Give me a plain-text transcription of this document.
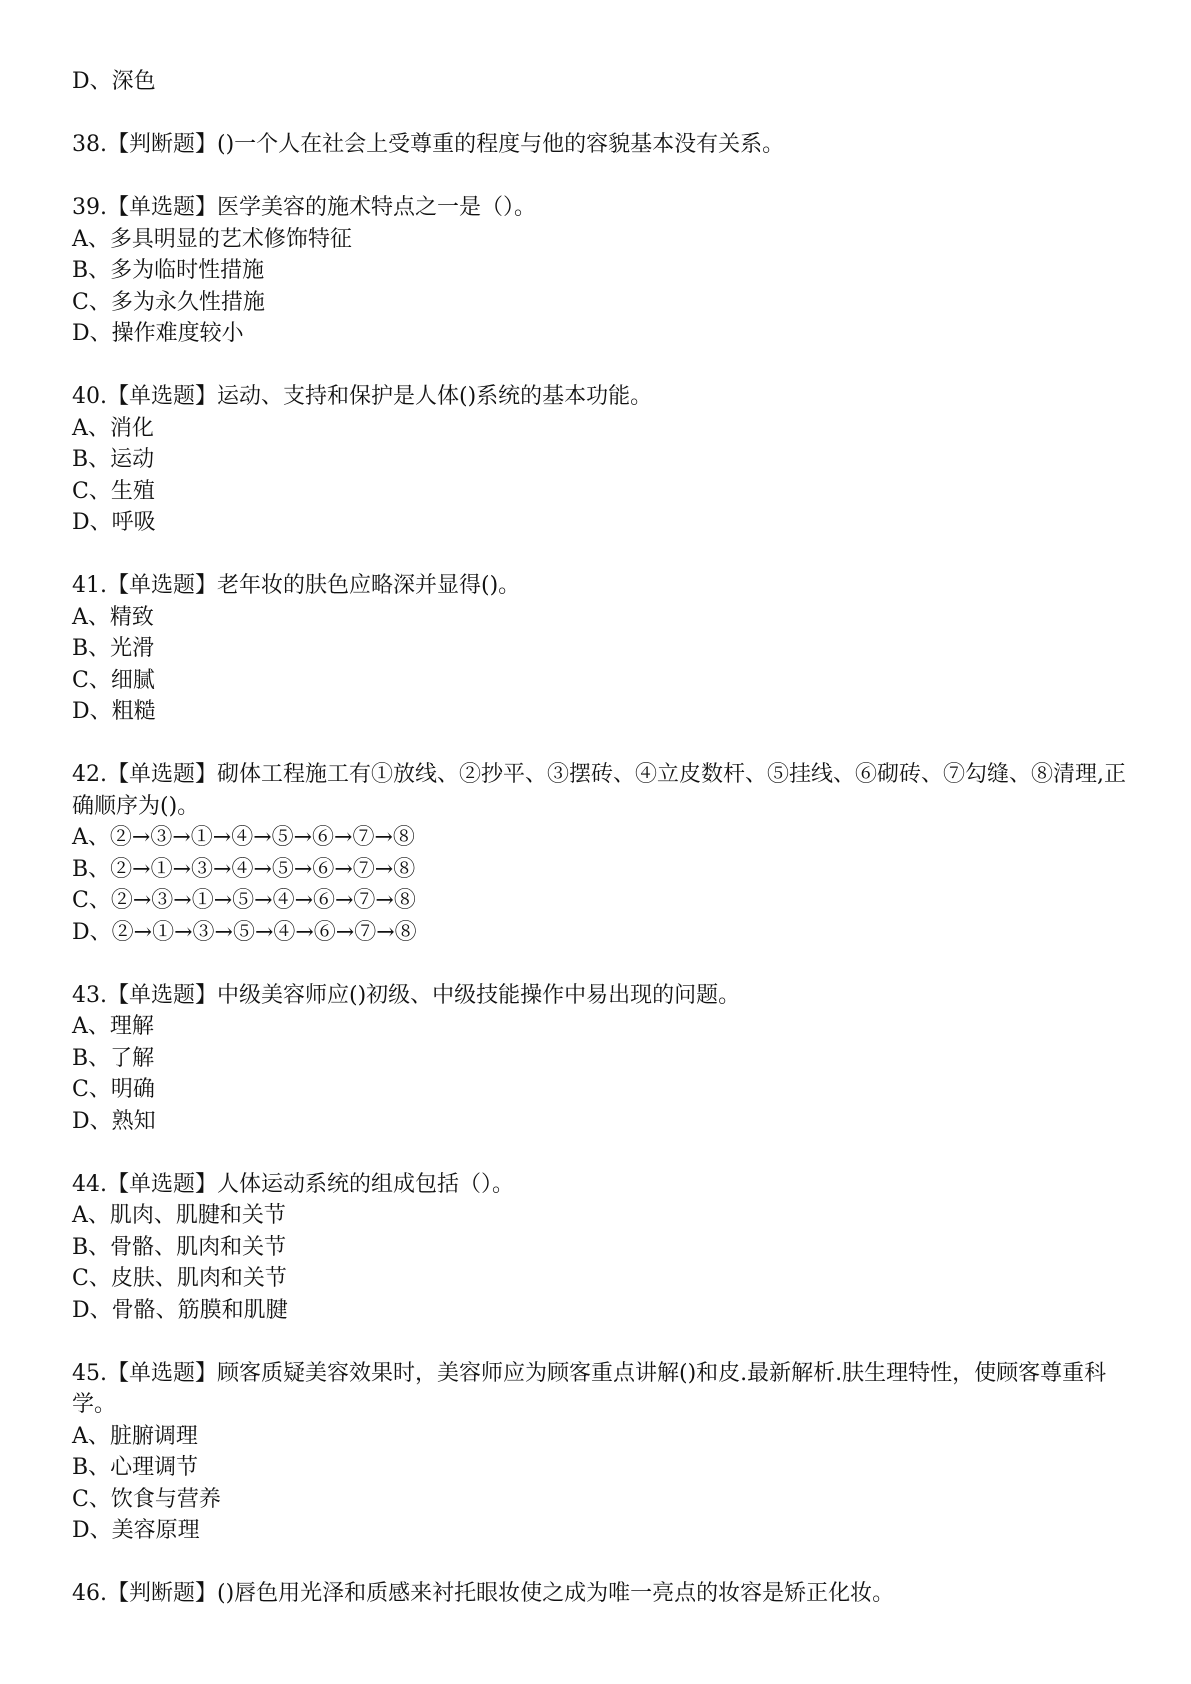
D、深色
38.【判断题】()一个人在社会上受尊重的程度与他的容貌基本没有关系。
39.【单选题】医学美容的施术特点之一是（）。
A、多具明显的艺术修饰特征
B、多为临时性措施
C、多为永久性措施
D、操作难度较小
40.【单选题】运动、支持和保护是人体()系统的基本功能。
A、消化
B、运动
C、生殖
D、呼吸
41.【单选题】老年妆的肤色应略深并显得()。
A、精致
B、光滑
C、细腻
D、粗糙
42.【单选题】砌体工程施工有①放线、②抄平、③摆砖、④立皮数杆、⑤挂线、⑥砌砖、⑦勾缝、⑧清理,正确顺序为()。
A、②→③→①→④→⑤→⑥→⑦→⑧
B、②→①→③→④→⑤→⑥→⑦→⑧
C、②→③→①→⑤→④→⑥→⑦→⑧
D、②→①→③→⑤→④→⑥→⑦→⑧
43.【单选题】中级美容师应()初级、中级技能操作中易出现的问题。
A、理解
B、了解
C、明确
D、熟知
44.【单选题】人体运动系统的组成包括（）。
A、肌肉、肌腱和关节
B、骨骼、肌肉和关节
C、皮肤、肌肉和关节
D、骨骼、筋膜和肌腱
45.【单选题】顾客质疑美容效果时，美容师应为顾客重点讲解()和皮.最新解析.肤生理特性，使顾客尊重科学。
A、脏腑调理
B、心理调节
C、饮食与营养
D、美容原理
46.【判断题】()唇色用光泽和质感来衬托眼妆使之成为唯一亮点的妆容是矫正化妆。
